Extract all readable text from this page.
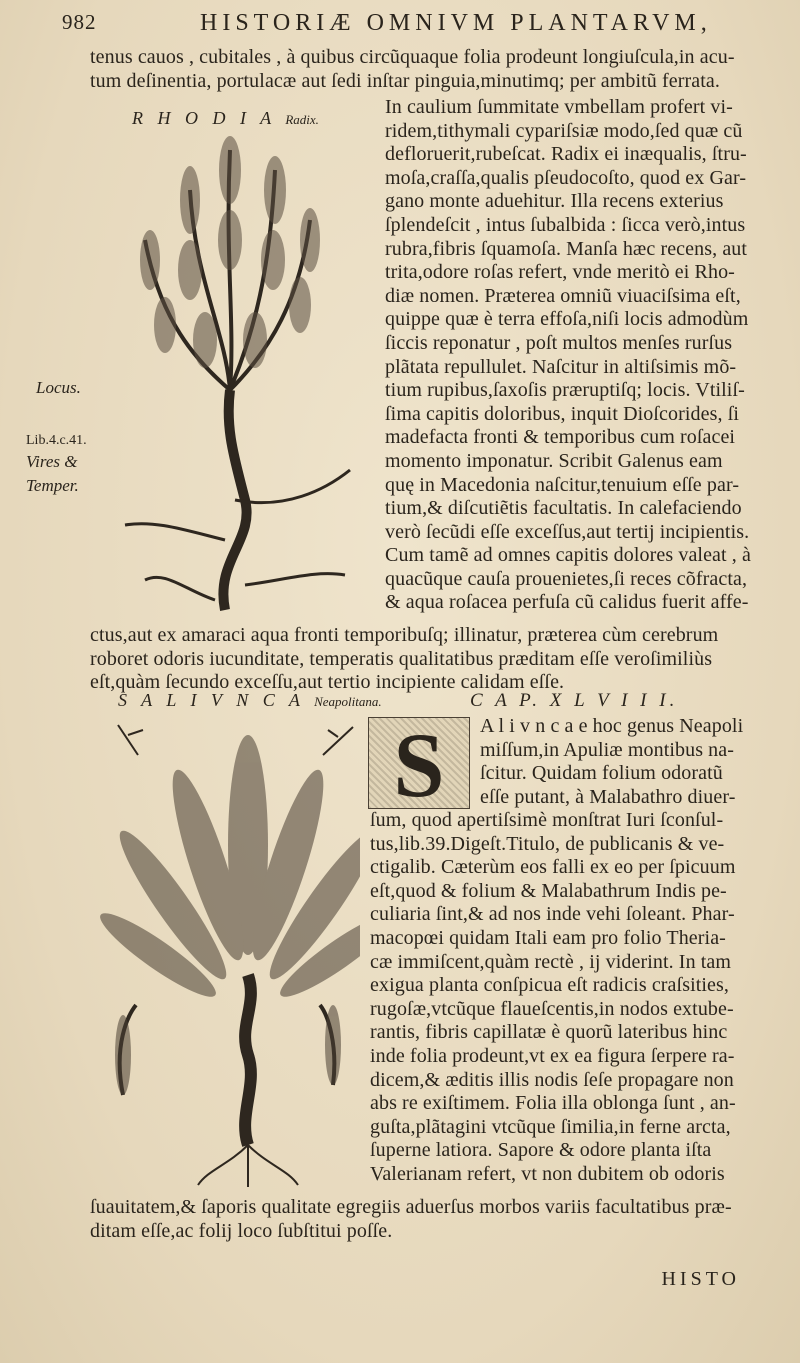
982	HISTORIÆ OMNIVM PLANTARVM,
tenus cauos , cubitales , à quibus circũquaque folia prodeunt longiuſcula,in acu-
tum deſinentia, portulacæ aut ſedi inſtar pinguia,minutimq; per ambitũ ferrata.
R H O D I A Radix.
In caulium ſummitate vmbellam profert vi-
ridem,tithymali cypariſsiæ modo,ſed quæ cũ
defloruerit,rubeſcat. Radix ei inæqualis, ſtru-
moſa,craſſa,qualis pſeudocoſto, quod ex Gar-
gano monte aduehitur. Illa recens exterius
ſplendeſcit , intus ſubalbida : ſicca verò,intus
rubra,fibris ſquamoſa. Manſa hæc recens, aut
trita,odore roſas refert, vnde meritò ei Rho-
diæ nomen. Præterea omniũ viuaciſsima eſt,
quippe quæ è terra effoſa,niſi locis admodùm
ſiccis reponatur , poſt multos menſes rurſus
plãtata repullulet. Naſcitur in altiſsimis mõ-
tium rupibus,ſaxoſis præruptiſq; locis. Vtiliſ-
ſima capitis doloribus, inquit Dioſcorides, ſi
madefacta fronti & temporibus cum roſacei
momento imponatur. Scribit Galenus eam
quę in Macedonia naſcitur,tenuium eſſe par-
tium,& diſcutiẽtis facultatis. In calefaciendo
verò ſecũdi eſſe exceſſus,aut tertij incipientis.
Cum tamẽ ad omnes capitis dolores valeat , à
quacũque cauſa prouenietes,ſi reces cõfracta,
& aqua roſacea perfuſa cũ calidus fuerit affe-
Locus.
Lib.4.c.41.
Vires &
Temper.
ctus,aut ex amaraci aqua fronti temporibuſq; illinatur, præterea cùm cerebrum
roboret odoris iucunditate, temperatis qualitatibus præditam eſſe veroſimiliùs
eſt,quàm ſecundo exceſſu,aut tertio incipiente calidam eſſe.
S A L I V N C A Neapolitana.	C A P. X L V I I I.
S	A l i v n c a e hoc genus Neapoli
miſſum,in Apuliæ montibus na-
ſcitur. Quidam folium odoratũ
eſſe putant, à Malabathro diuer-
ſum, quod apertiſsimè monſtrat Iuri ſconſul-
tus,lib.39.Digeſt.Titulo, de publicanis & ve-
ctigalib. Cæterùm eos falli ex eo per ſpicuum
eſt,quod & folium & Malabathrum Indis pe-
culiaria ſint,& ad nos inde vehi ſoleant. Phar-
macopœi quidam Itali eam pro folio Theria-
cæ immiſcent,quàm rectè , ij viderint. In tam
exigua planta conſpicua eſt radicis craſsities,
rugoſæ,vtcũque flaueſcentis,in nodos extube-
rantis, fibris capillatæ è quorũ lateribus hinc
inde folia prodeunt,vt ex ea figura ſerpere ra-
dicem,& æditis illis nodis ſeſe propagare non
abs re exiſtimem. Folia illa oblonga ſunt , an-
guſta,plãtagini vtcũque ſimilia,in ferne arcta,
ſuperne latiora. Sapore & odore planta iſta
Valerianam refert, vt non dubitem ob odoris
ſuauitatem,& ſaporis qualitate egregiis aduerſus morbos variis facultatibus præ-
ditam eſſe,ac folij loco ſubſtitui poſſe.
HISTO
